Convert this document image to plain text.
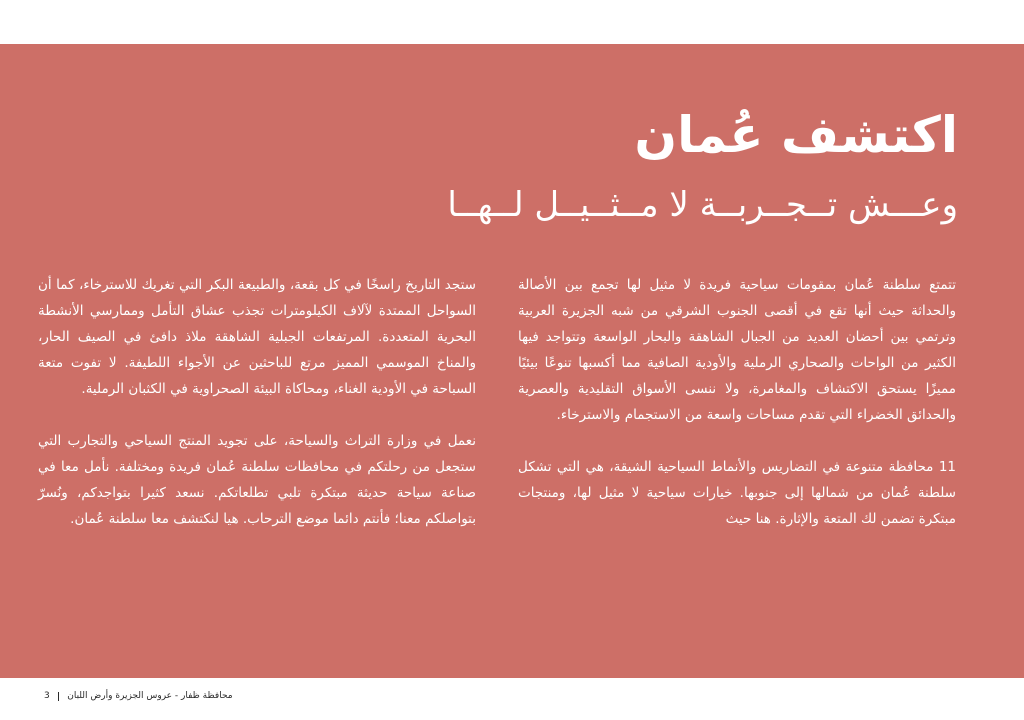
اكتشف عُمان
وعـــش تــجــربــة لا مــثــيــل لــهــا

تتمتع سلطنة عُمان بمقومات سياحية فريدة لا مثيل لها تجمع بين الأصالة والحداثة حيث أنها تقع في أقصى الجنوب الشرقي من شبه الجزيرة العربية وترتمي بين أحضان العديد من الجبال الشاهقة والبحار الواسعة وتتواجد فيها الكثير من الواحات والصحاري الرملية والأودية الصافية مما أكسبها تنوعًا بيئيًا مميزًا يستحق الاكتشاف والمغامرة، ولا ننسى الأسواق التقليدية والعصرية والحدائق الخضراء التي تقدم مساحات واسعة من الاستجمام والاسترخاء.

11 محافظة متنوعة في التضاريس والأنماط السياحية الشيقة، هي التي تشكل سلطنة عُمان من شمالها إلى جنوبها. خيارات سياحية لا مثيل لها، ومنتجات مبتكرة تضمن لك المتعة والإثارة. هنا حيث

ستجد التاريخ راسخًا في كل بقعة، والطبيعة البكر التي تغريك للاسترخاء، كما أن السواحل الممتدة لآلاف الكيلومترات تجذب عشاق التأمل وممارسي الأنشطة البحرية المتعددة. المرتفعات الجبلية الشاهقة ملاذ دافئ في الصيف الحار، والمناخ الموسمي المميز مرتع للباحثين عن الأجواء اللطيفة. لا تفوت متعة السباحة في الأودية الغناء، ومحاكاة البيئة الصحراوية في الكثبان الرملية.

نعمل في وزارة التراث والسياحة، على تجويد المنتج السياحي والتجارب التي ستجعل من رحلتكم في محافظات سلطنة عُمان فريدة ومختلفة. نأمل معا في صناعة سياحة حديثة مبتكرة تلبي تطلعاتكم. نسعد كثيرا بتواجدكم، ونُسرّ بتواصلكم معنا؛ فأنتم دائما موضع الترحاب. هيا لنكتشف معا سلطنة عُمان.

3 محافظة ظفار - عروس الجزيرة وأرض اللبان
